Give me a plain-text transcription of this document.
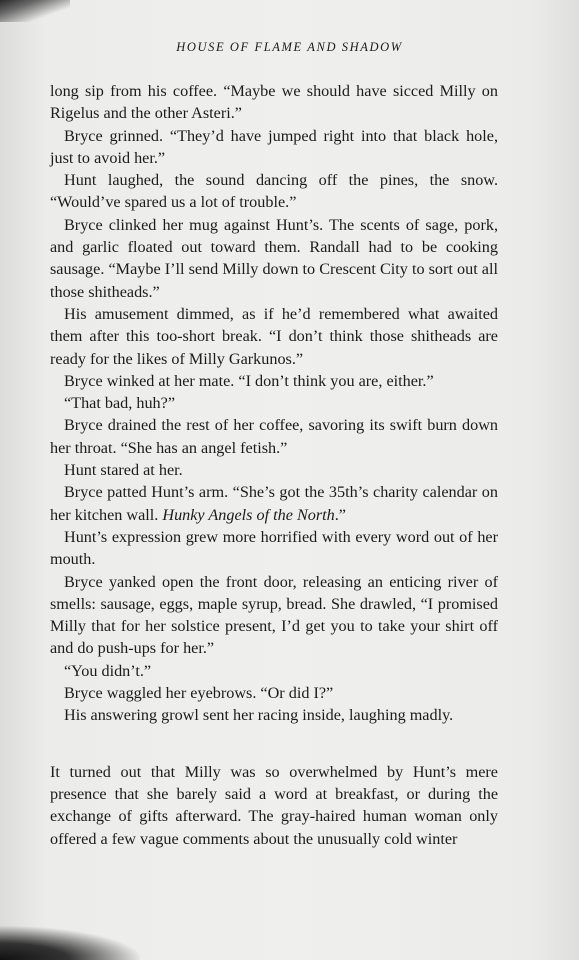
HOUSE OF FLAME AND SHADOW

long sip from his coffee. “Maybe we should have sicced Milly on Rigelus and the other Asteri.”

Bryce grinned. “They’d have jumped right into that black hole, just to avoid her.”

Hunt laughed, the sound dancing off the pines, the snow. “Would’ve spared us a lot of trouble.”

Bryce clinked her mug against Hunt’s. The scents of sage, pork, and garlic floated out toward them. Randall had to be cooking sausage. “Maybe I’ll send Milly down to Crescent City to sort out all those shitheads.”

His amusement dimmed, as if he’d remembered what awaited them after this too-short break. “I don’t think those shitheads are ready for the likes of Milly Garkunos.”

Bryce winked at her mate. “I don’t think you are, either.”

“That bad, huh?”

Bryce drained the rest of her coffee, savoring its swift burn down her throat. “She has an angel fetish.”

Hunt stared at her.

Bryce patted Hunt’s arm. “She’s got the 35th’s charity calendar on her kitchen wall. Hunky Angels of the North.”

Hunt’s expression grew more horrified with every word out of her mouth.

Bryce yanked open the front door, releasing an enticing river of smells: sausage, eggs, maple syrup, bread. She drawled, “I promised Milly that for her solstice present, I’d get you to take your shirt off and do push-ups for her.”

“You didn’t.”

Bryce waggled her eyebrows. “Or did I?”

His answering growl sent her racing inside, laughing madly.

It turned out that Milly was so overwhelmed by Hunt’s mere presence that she barely said a word at breakfast, or during the exchange of gifts afterward. The gray-haired human woman only offered a few vague comments about the unusually cold winter
